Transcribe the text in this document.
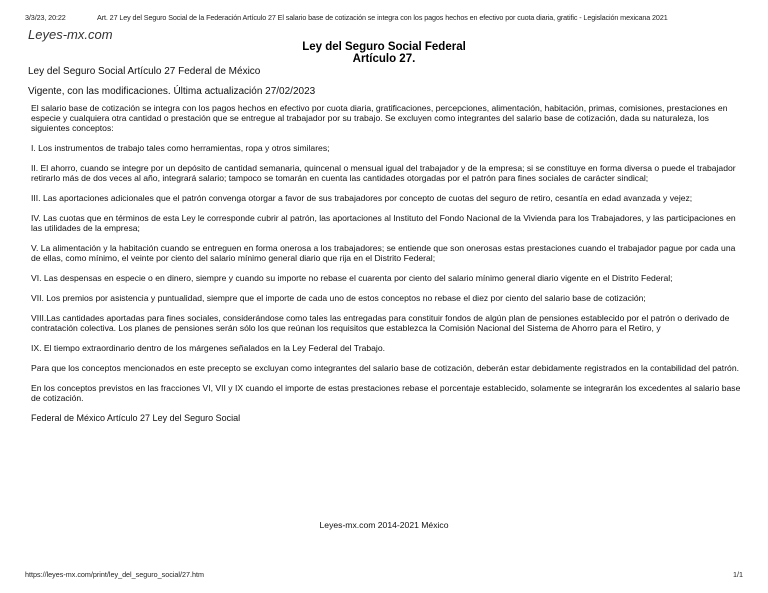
3/3/23, 20:22	Art. 27 Ley del Seguro Social de la Federación Artículo 27 El salario base de cotización se integra con los pagos hechos en efectivo por cuota diaria, gratific - Legislación mexicana 2021
Leyes-mx.com
Ley del Seguro Social Federal
Artículo 27.
Ley del Seguro Social Artículo 27 Federal de México
Vigente, con las modificaciones. Última actualización 27/02/2023

El salario base de cotización se integra con los pagos hechos en efectivo por cuota diaria, gratificaciones, percepciones, alimentación, habitación, primas, comisiones, prestaciones en especie y cualquiera otra cantidad o prestación que se entregue al trabajador por su trabajo. Se excluyen como integrantes del salario base de cotización, dada su naturaleza, los siguientes conceptos:

I. Los instrumentos de trabajo tales como herramientas, ropa y otros similares;

II. El ahorro, cuando se integre por un depósito de cantidad semanaria, quincenal o mensual igual del trabajador y de la empresa; si se constituye en forma diversa o puede el trabajador retirarlo más de dos veces al año, integrará salario; tampoco se tomarán en cuenta las cantidades otorgadas por el patrón para fines sociales de carácter sindical;

III. Las aportaciones adicionales que el patrón convenga otorgar a favor de sus trabajadores por concepto de cuotas del seguro de retiro, cesantía en edad avanzada y vejez;

IV. Las cuotas que en términos de esta Ley le corresponde cubrir al patrón, las aportaciones al Instituto del Fondo Nacional de la Vivienda para los Trabajadores, y las participaciones en las utilidades de la empresa;

V. La alimentación y la habitación cuando se entreguen en forma onerosa a los trabajadores; se entiende que son onerosas estas prestaciones cuando el trabajador pague por cada una de ellas, como mínimo, el veinte por ciento del salario mínimo general diario que rija en el Distrito Federal;

VI. Las despensas en especie o en dinero, siempre y cuando su importe no rebase el cuarenta por ciento del salario mínimo general diario vigente en el Distrito Federal;

VII. Los premios por asistencia y puntualidad, siempre que el importe de cada uno de estos conceptos no rebase el diez por ciento del salario base de cotización;

VIII.Las cantidades aportadas para fines sociales, considerándose como tales las entregadas para constituir fondos de algún plan de pensiones establecido por el patrón o derivado de contratación colectiva. Los planes de pensiones serán sólo los que reúnan los requisitos que establezca la Comisión Nacional del Sistema de Ahorro para el Retiro, y

IX. El tiempo extraordinario dentro de los márgenes señalados en la Ley Federal del Trabajo.

Para que los conceptos mencionados en este precepto se excluyan como integrantes del salario base de cotización, deberán estar debidamente registrados en la contabilidad del patrón.

En los conceptos previstos en las fracciones VI, VII y IX cuando el importe de estas prestaciones rebase el porcentaje establecido, solamente se integrarán los excedentes al salario base de cotización.

Federal de México Artículo 27 Ley del Seguro Social

Leyes-mx.com 2014-2021 México
https://leyes-mx.com/print/ley_del_seguro_social/27.htm	1/1
